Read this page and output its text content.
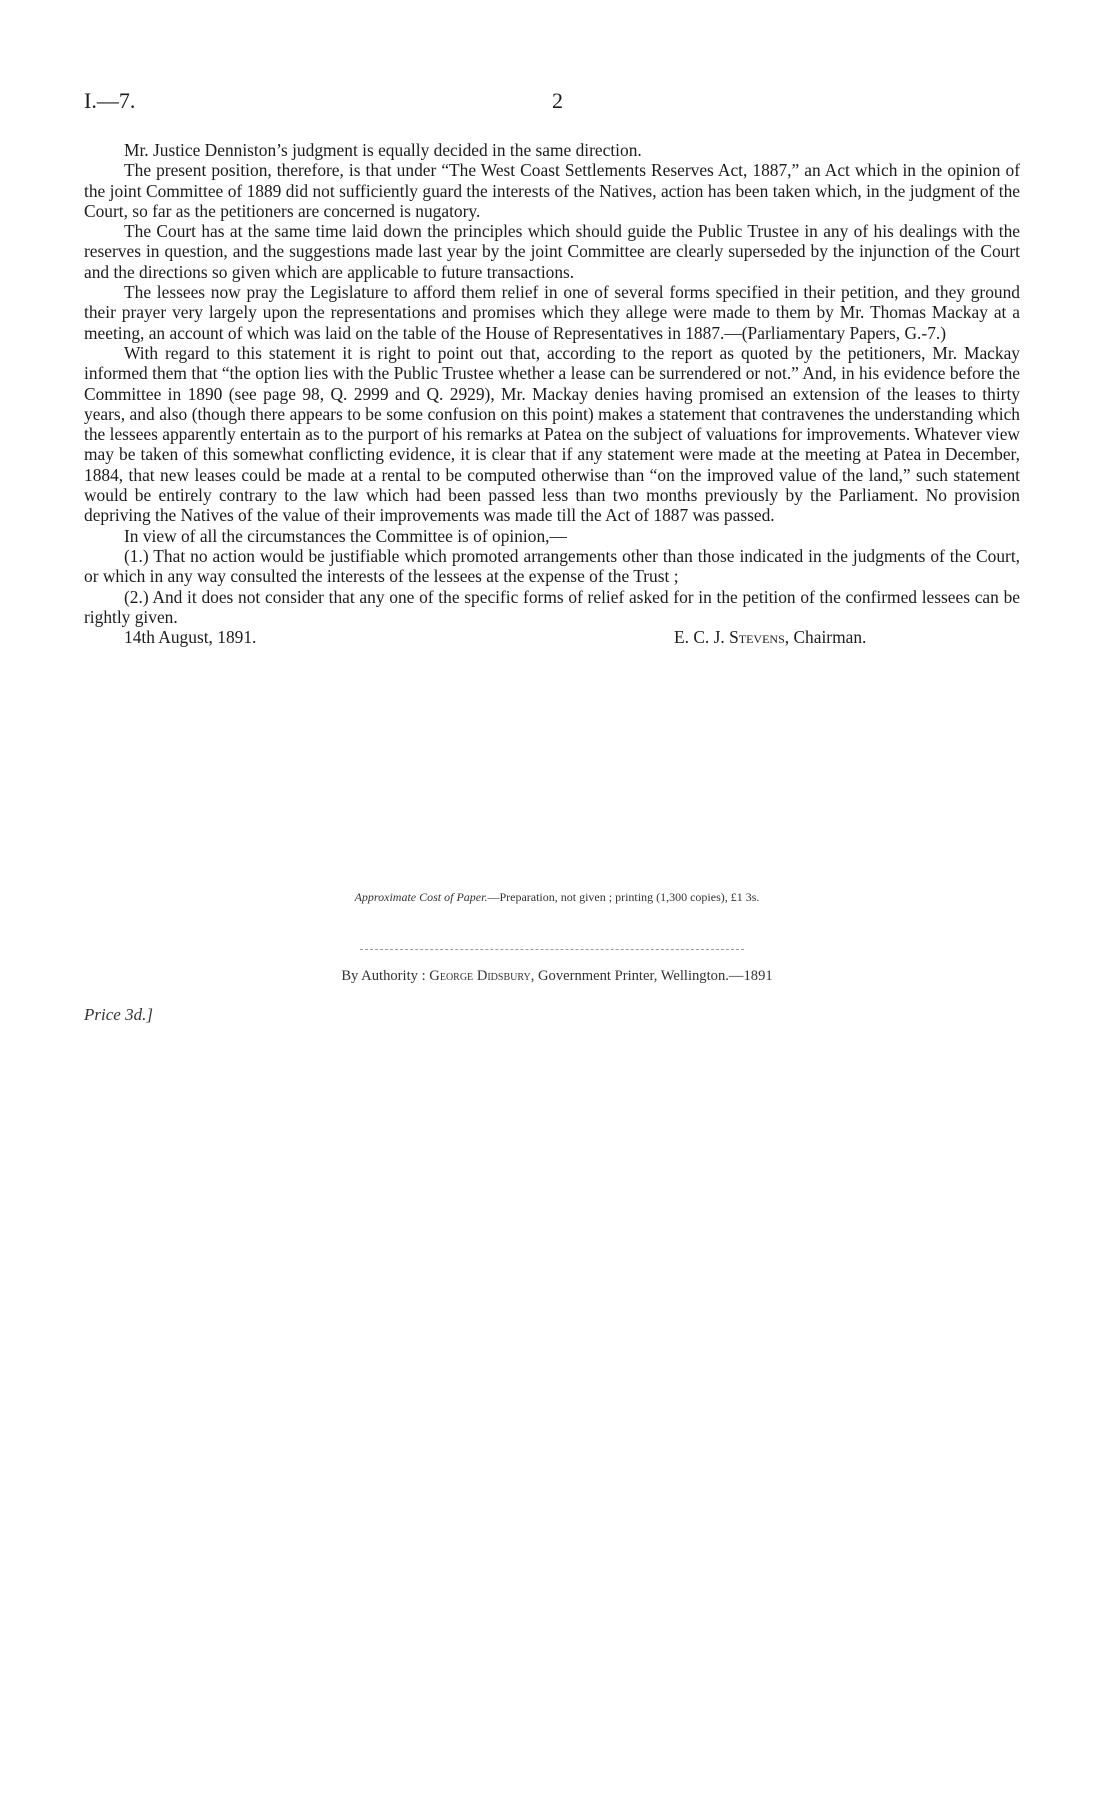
I.—7.	2

Mr. Justice Denniston’s judgment is equally decided in the same direction.

The present position, therefore, is that under “The West Coast Settlements Reserves Act, 1887,” an Act which in the opinion of the joint Committee of 1889 did not sufficiently guard the interests of the Natives, action has been taken which, in the judgment of the Court, so far as the petitioners are concerned is nugatory.

The Court has at the same time laid down the principles which should guide the Public Trustee in any of his dealings with the reserves in question, and the suggestions made last year by the joint Committee are clearly superseded by the injunction of the Court and the directions so given which are applicable to future transactions.

The lessees now pray the Legislature to afford them relief in one of several forms specified in their petition, and they ground their prayer very largely upon the representations and promises which they allege were made to them by Mr. Thomas Mackay at a meeting, an account of which was laid on the table of the House of Representatives in 1887.—(Parliamentary Papers, G.-7.)

With regard to this statement it is right to point out that, according to the report as quoted by the petitioners, Mr. Mackay informed them that “the option lies with the Public Trustee whether a lease can be surrendered or not.” And, in his evidence before the Committee in 1890 (see page 98, Q. 2999 and Q. 2929), Mr. Mackay denies having promised an extension of the leases to thirty years, and also (though there appears to be some confusion on this point) makes a statement that contravenes the understanding which the lessees apparently entertain as to the purport of his remarks at Patea on the subject of valuations for improvements. Whatever view may be taken of this somewhat conflicting evidence, it is clear that if any statement were made at the meeting at Patea in December, 1884, that new leases could be made at a rental to be computed otherwise than “on the improved value of the land,” such statement would be entirely contrary to the law which had been passed less than two months previously by the Parliament. No provision depriving the Natives of the value of their improvements was made till the Act of 1887 was passed.

In view of all the circumstances the Committee is of opinion,—

(1.) That no action would be justifiable which promoted arrangements other than those indicated in the judgments of the Court, or which in any way consulted the interests of the lessees at the expense of the Trust ;

(2.) And it does not consider that any one of the specific forms of relief asked for in the petition of the confirmed lessees can be rightly given.

14th August, 1891.	E. C. J. Stevens, Chairman.
Approximate Cost of Paper.—Preparation, not given ; printing (1,300 copies), £1 3s.
By Authority : George Didsbury, Government Printer, Wellington.—1891
Price 3d.]
